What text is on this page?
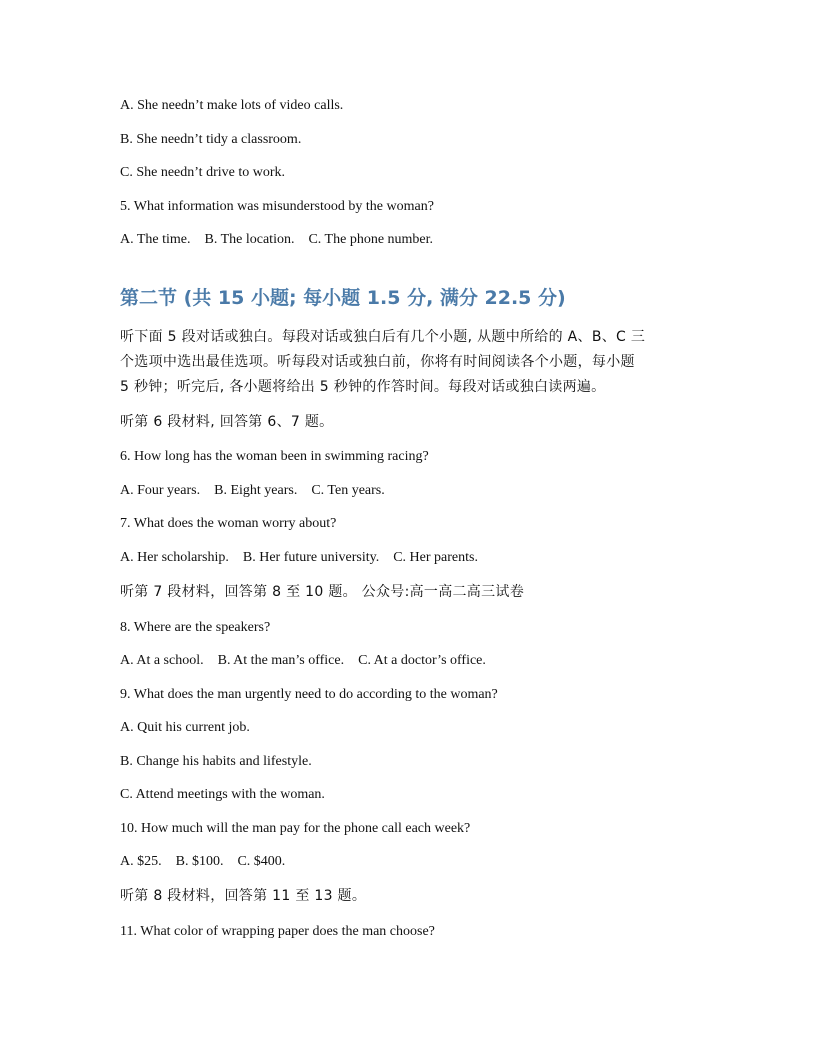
A. She needn’t make lots of video calls.

B. She needn’t tidy a classroom.

C. She needn’t drive to work.

5. What information was misunderstood by the woman?

A. The time. B. The location. C. The phone number.

第二节 (共 15 小题; 每小题 1.5 分, 满分 22.5 分)

听下面 5 段对话或独白。每段对话或独白后有几个小题, 从题中所给的 A、B、C 三

个选项中选出最佳选项。听每段对话或独白前，你将有时间阅读各个小题，每小题

5 秒钟；听完后, 各小题将给出 5 秒钟的作答时间。每段对话或独白读两遍。

听第 6 段材料, 回答第 6、7 题。

6. How long has the woman been in swimming racing?

A. Four years. B. Eight years. C. Ten years.

7. What does the woman worry about?

A. Her scholarship. B. Her future university. C. Her parents.

听第 7 段材料，回答第 8 至 10 题。 公众号:高一高二高三试卷

8. Where are the speakers?

A. At a school. B. At the man’s office. C. At a doctor’s office.

9. What does the man urgently need to do according to the woman?

A. Quit his current job.

B. Change his habits and lifestyle.

C. Attend meetings with the woman.

10. How much will the man pay for the phone call each week?

A. $25. B. $100. C. $400.

听第 8 段材料，回答第 11 至 13 题。

11. What color of wrapping paper does the man choose?
